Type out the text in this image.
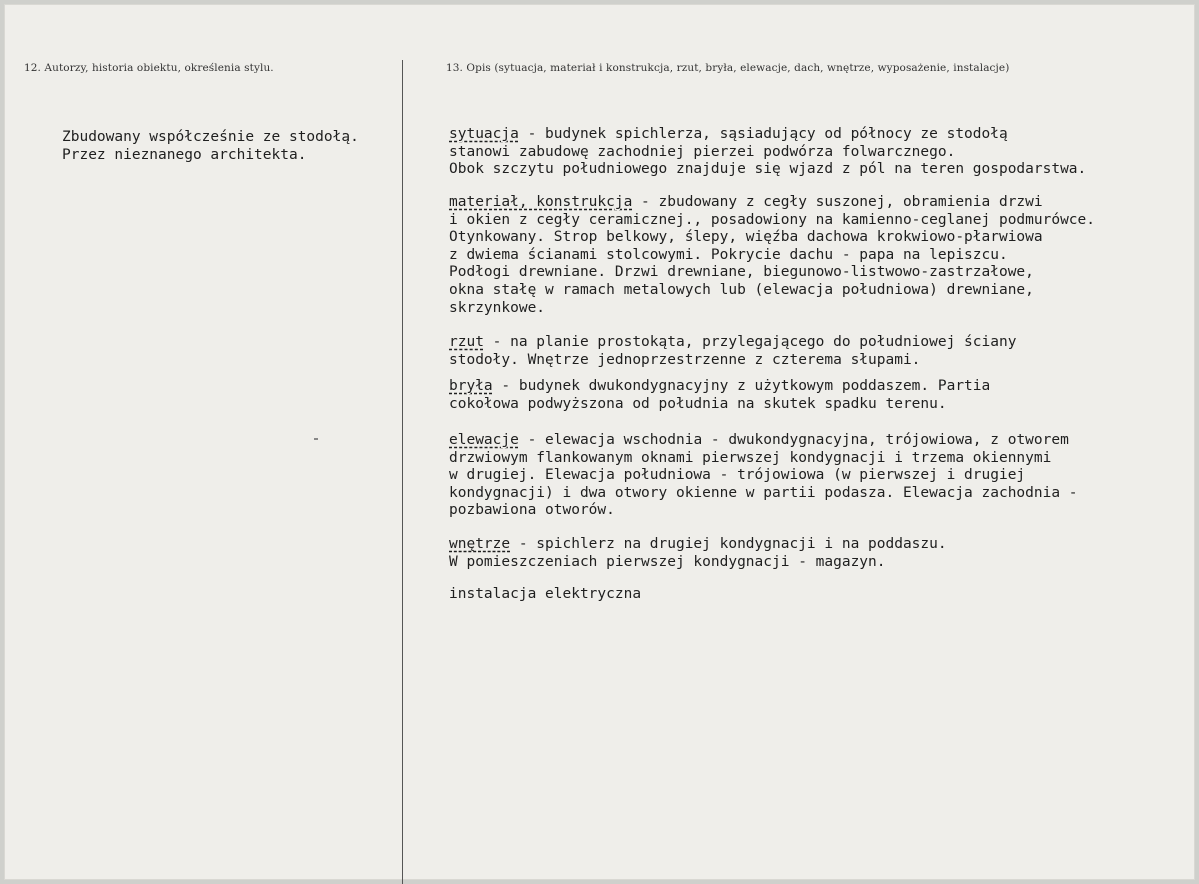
12. Autorzy, historia obiektu, określenia stylu.	13. Opis (sytuacja, materiał i konstrukcja, rzut, bryła, elewacje, dach, wnętrze, wyposażenie, instalacje)
Zbudowany współcześnie ze stodołą.
Przez nieznanego architekta.
sytuacja - budynek spichlerza, sąsiadujący od północy ze stodołą
stanowi zabudowę zachodniej pierzei podwórza folwarcznego.
Obok szczytu południowego znajduje się wjazd z pól na teren gospodarstwa.
materiał, konstrukcja - zbudowany z cegły suszonej, obramienia drzwi
i okien z cegły ceramicznej., posadowiony na kamienno-ceglanej podmurówce.
Otynkowany. Strop belkowy, ślepy, więźba dachowa krokwiowo-płarwiowa
z dwiema ścianami stolcowymi. Pokrycie dachu - papa na lepiszcu.
Podłogi drewniane. Drzwi drewniane, biegunowo-listwowo-zastrzałowe,
okna stałę w ramach metalowych lub (elewacja południowa) drewniane,
skrzynkowe.
rzut - na planie prostokąta, przylegającego do południowej ściany
stodoły. Wnętrze jednoprzestrzenne z czterema słupami.
bryła - budynek dwukondygnacyjny z użytkowym poddaszem. Partia
cokołowa podwyższona od południa na skutek spadku terenu.
elewacje - elewacja wschodnia - dwukondygnacyjna, trójowiowa, z otworem
drzwiowym flankowanym oknami pierwszej kondygnacji i trzema okiennymi
w drugiej. Elewacja południowa - trójowiowa (w pierwszej i drugiej
kondygnacji) i dwa otwory okienne w partii podasza. Elewacja zachodnia -
pozbawiona otworów.
wnętrze - spichlerz na drugiej kondygnacji i na poddaszu.
W pomieszczeniach pierwszej kondygnacji - magazyn.
instalacja elektryczna
